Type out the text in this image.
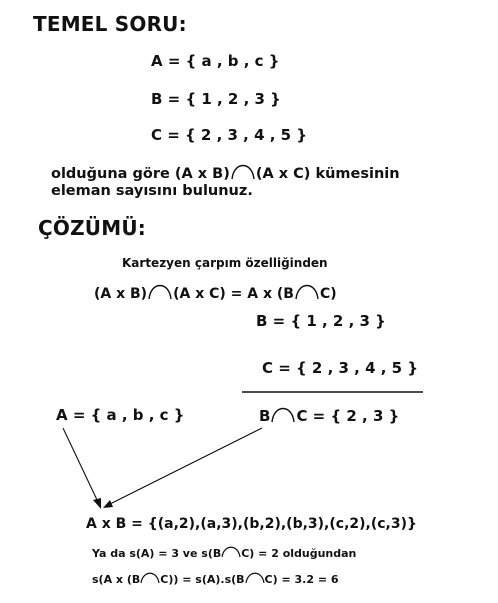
TEMEL SORU:
A = { a , b , c }
B = { 1 , 2 , 3 }
C = { 2 , 3 , 4 , 5 }
olduğuna göre (A x B) (A x C) kümesinin
eleman sayısını bulunuz.
ÇÖZÜMÜ:
Kartezyen çarpım özelliğinden
(A x B) (A x C) = A x (B C)
B = { 1 , 2 , 3 }
C = { 2 , 3 , 4 , 5 }
A = { a , b , c }	B C = { 2 , 3 }
A x B = {(a,2),(a,3),(b,2),(b,3),(c,2),(c,3)}
Ya da s(A) = 3 ve s(B C) = 2 olduğundan
s(A x (B C)) = s(A).s(B C) = 3.2 = 6
